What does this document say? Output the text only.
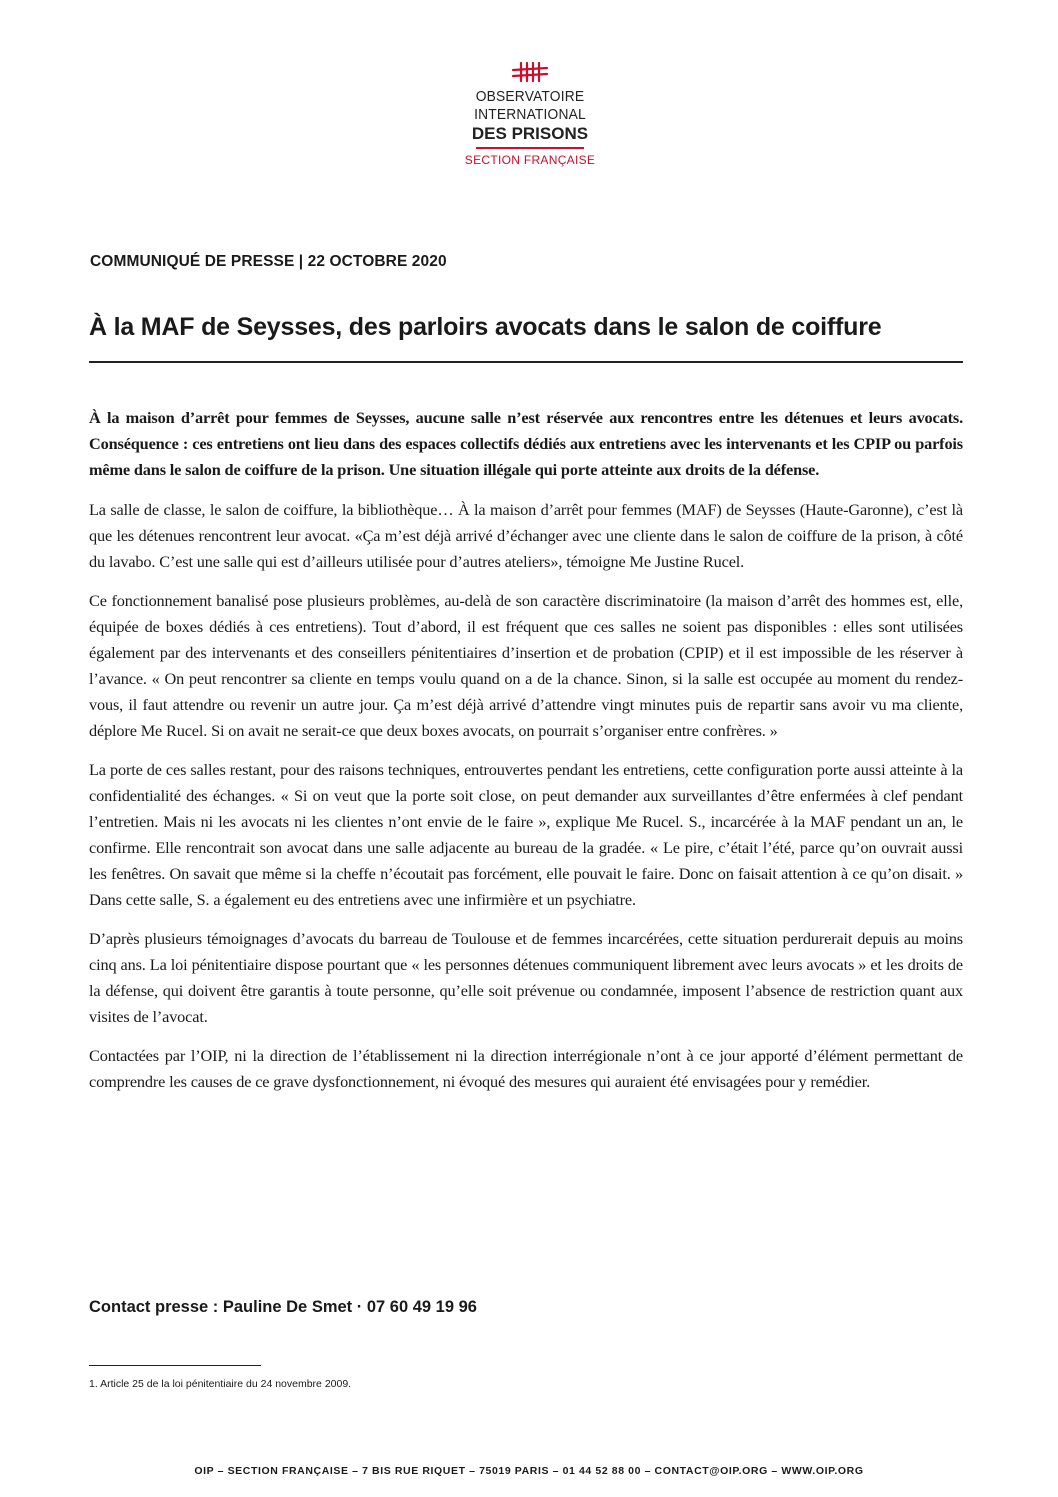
OBSERVATOIRE INTERNATIONAL
DES PRISONS
SECTION FRANÇAISE
COMMUNIQUÉ DE PRESSE | 22 OCTOBRE 2020
À la MAF de Seysses, des parloirs avocats dans le salon de coiffure

À la maison d’arrêt pour femmes de Seysses, aucune salle n’est réservée aux rencontres entre les détenues et leurs avocats. Conséquence : ces entretiens ont lieu dans des espaces collectifs dédiés aux entretiens avec les intervenants et les CPIP ou parfois même dans le salon de coiffure de la prison. Une situation illégale qui porte atteinte aux droits de la défense.

La salle de classe, le salon de coiffure, la bibliothèque… À la maison d’arrêt pour femmes (MAF) de Seysses (Haute-Garonne), c’est là que les détenues rencontrent leur avocat. «Ça m’est déjà arrivé d’échanger avec une cliente dans le salon de coiffure de la prison, à côté du lavabo. C’est une salle qui est d’ailleurs utilisée pour d’autres ateliers», témoigne Me Justine Rucel.

Ce fonctionnement banalisé pose plusieurs problèmes, au-delà de son caractère discriminatoire (la maison d’arrêt des hommes est, elle, équipée de boxes dédiés à ces entretiens). Tout d’abord, il est fréquent que ces salles ne soient pas disponibles : elles sont utilisées également par des intervenants et des conseillers pénitentiaires d’insertion et de probation (CPIP) et il est impossible de les réserver à l’avance. « On peut rencontrer sa cliente en temps voulu quand on a de la chance. Sinon, si la salle est occupée au moment du rendez-vous, il faut attendre ou revenir un autre jour. Ça m’est déjà arrivé d’attendre vingt minutes puis de repartir sans avoir vu ma cliente, déplore Me Rucel. Si on avait ne serait-ce que deux boxes avocats, on pourrait s’organiser entre confrères. »

La porte de ces salles restant, pour des raisons techniques, entrouvertes pendant les entretiens, cette configuration porte aussi atteinte à la confidentialité des échanges. « Si on veut que la porte soit close, on peut demander aux surveillantes d’être enfermées à clef pendant l’entretien. Mais ni les avocats ni les clientes n’ont envie de le faire », explique Me Rucel. S., incarcérée à la MAF pendant un an, le confirme. Elle rencontrait son avocat dans une salle adjacente au bureau de la gradée. « Le pire, c’était l’été, parce qu’on ouvrait aussi les fenêtres. On savait que même si la cheffe n’écoutait pas forcément, elle pouvait le faire. Donc on faisait attention à ce qu’on disait. » Dans cette salle, S. a également eu des entretiens avec une infirmière et un psychiatre.

D’après plusieurs témoignages d’avocats du barreau de Toulouse et de femmes incarcérées, cette situation perdurerait depuis au moins cinq ans. La loi pénitentiaire dispose pourtant que « les personnes détenues communiquent librement avec leurs avocats » et les droits de la défense, qui doivent être garantis à toute personne, qu’elle soit prévenue ou condamnée, imposent l’absence de restriction quant aux visites de l’avocat.

Contactées par l’OIP, ni la direction de l’établissement ni la direction interrégionale n’ont à ce jour apporté d’élément permettant de comprendre les causes de ce grave dysfonctionnement, ni évoqué des mesures qui auraient été envisagées pour y remédier.

Contact presse : Pauline De Smet · 07 60 49 19 96
1. Article 25 de la loi pénitentiaire du 24 novembre 2009.
OIP – SECTION FRANÇAISE – 7 BIS RUE RIQUET – 75019 PARIS – 01 44 52 88 00 – CONTACT@OIP.ORG – WWW.OIP.ORG
